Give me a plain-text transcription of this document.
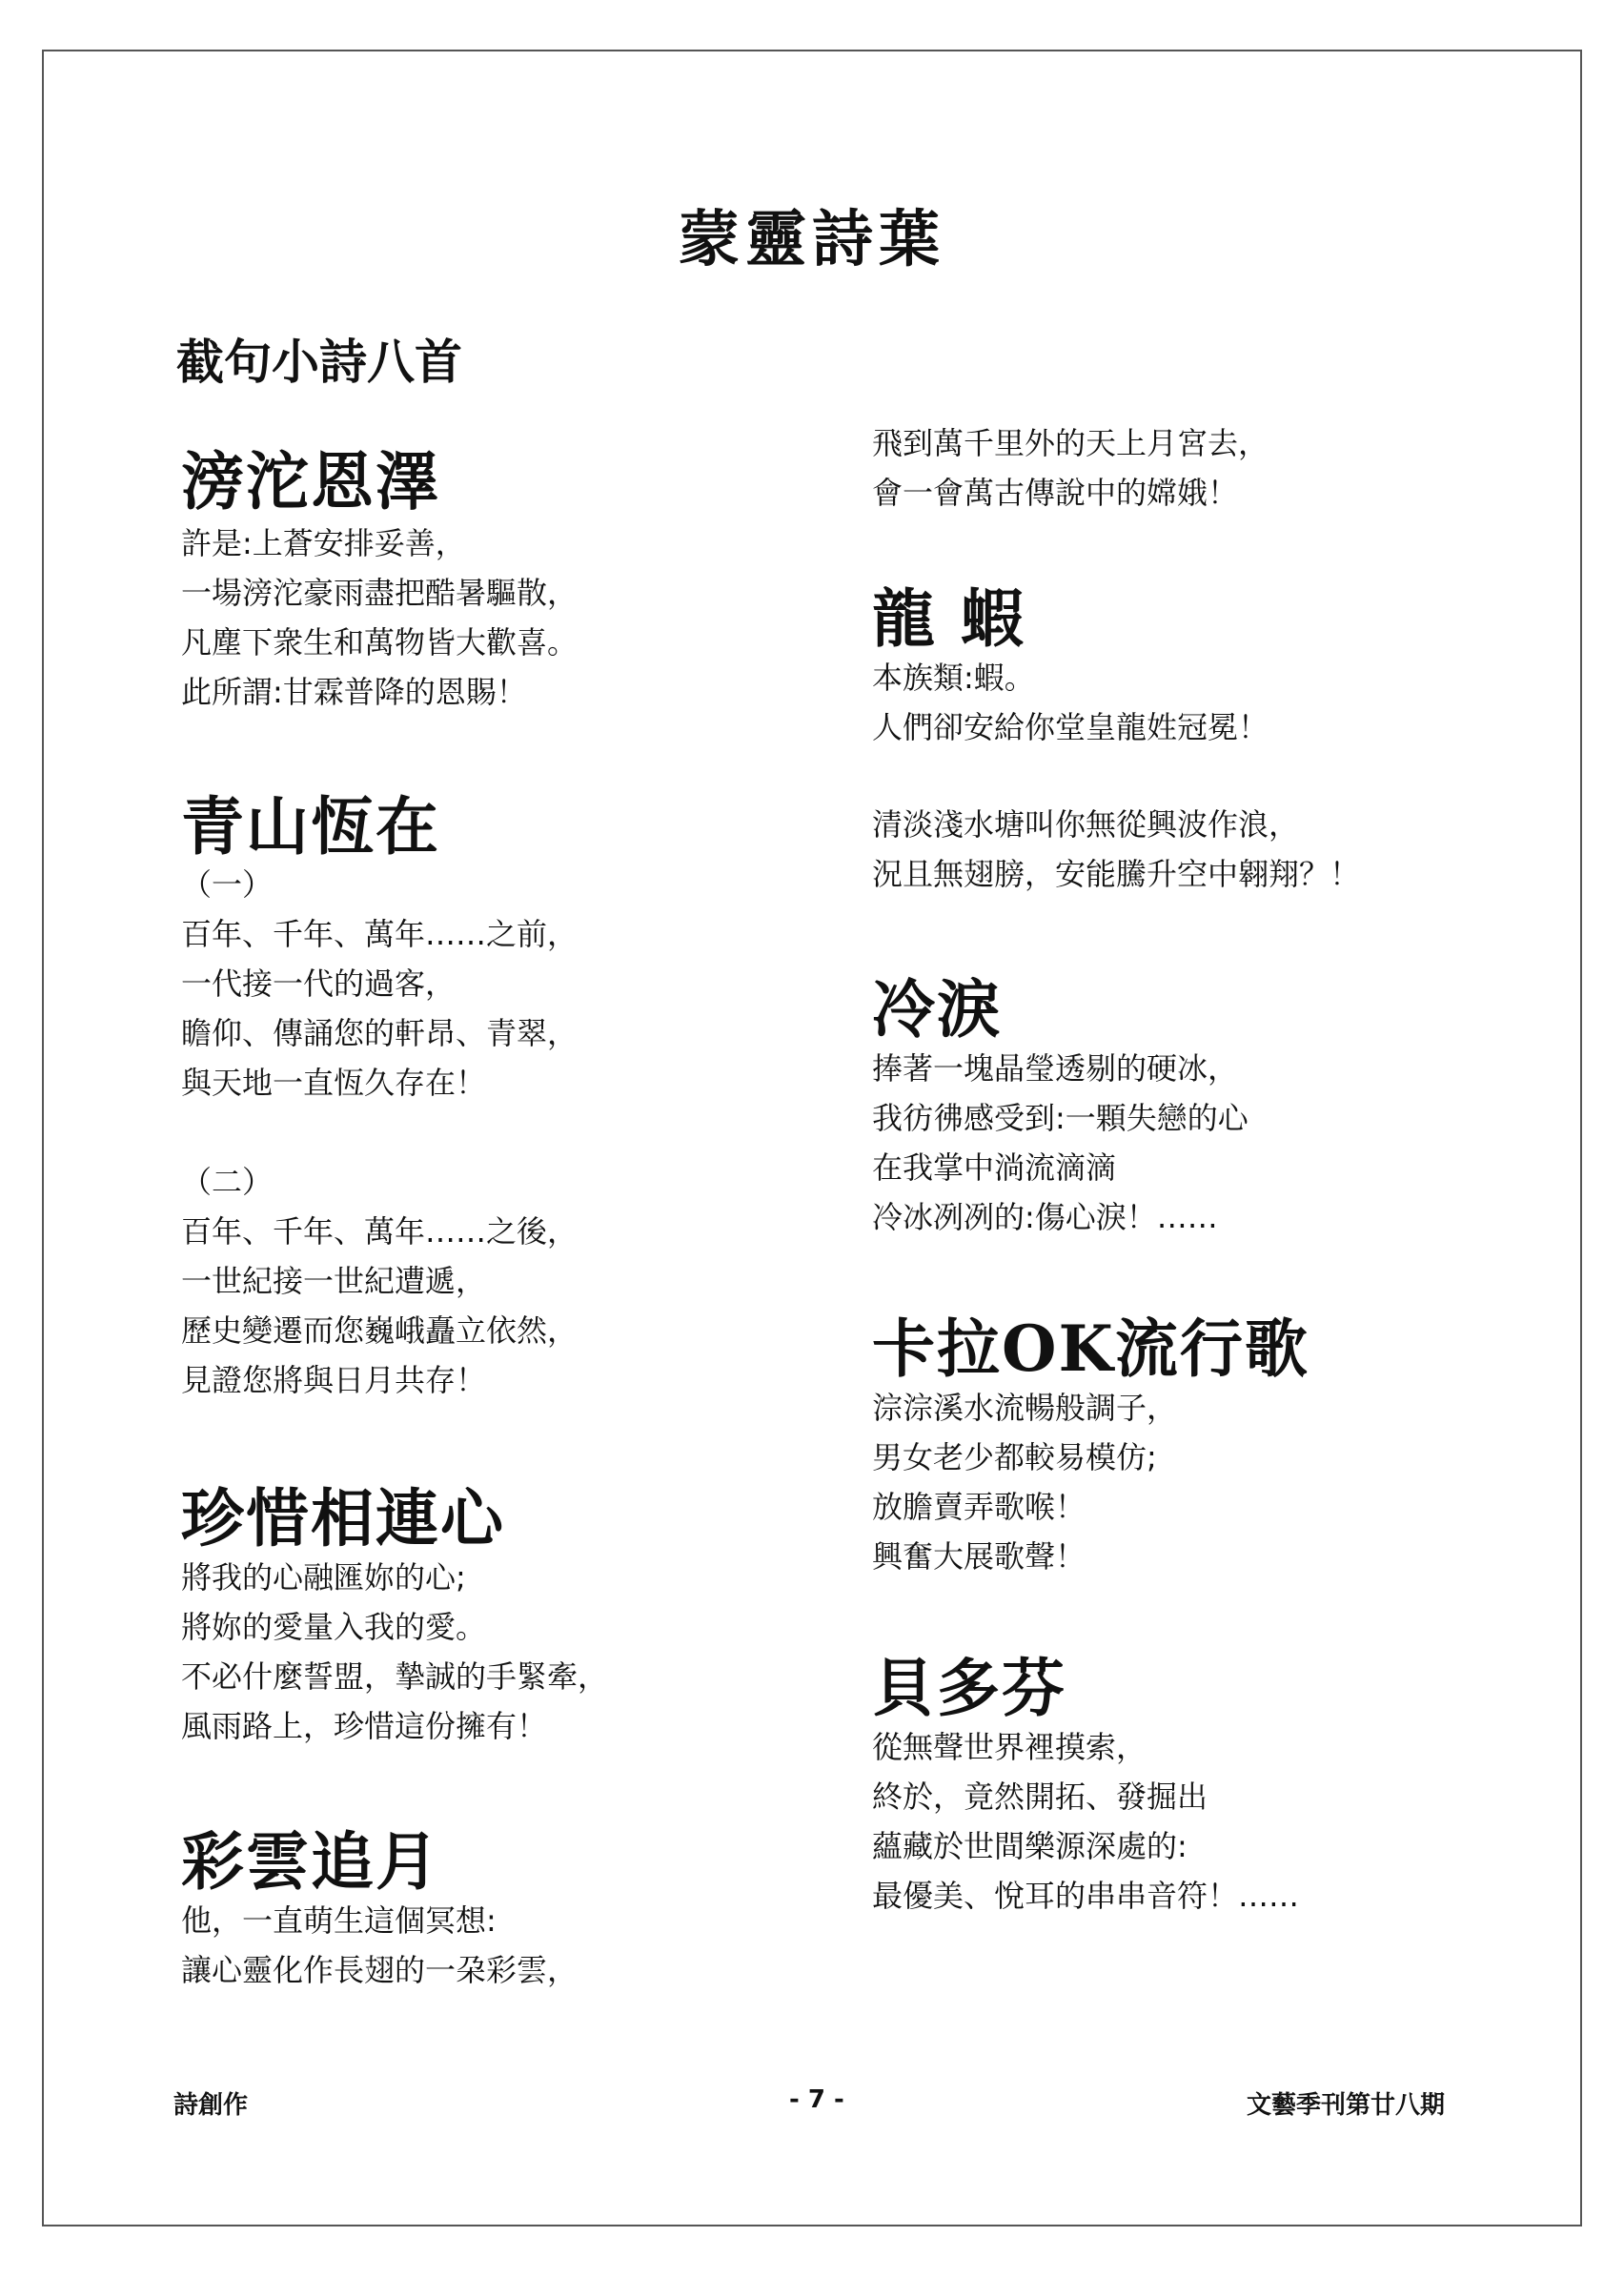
蒙靈詩葉
截句小詩八首
滂沱恩澤
許是:上蒼安排妥善，
一場滂沱豪雨盡把酷暑驅散，
凡塵下衆生和萬物皆大歡喜。
此所謂:甘霖普降的恩賜！
青山恆在
（一）
百年、千年、萬年……之前，
一代接一代的過客，
瞻仰、傳誦您的軒昂、青翠，
與天地一直恆久存在！
（二）
百年、千年、萬年……之後，
一世紀接一世紀遭遞，
歷史變遷而您巍峨矗立依然，
見證您將與日月共存！
珍惜相連心
將我的心融匯妳的心;
將妳的愛量入我的愛。
不必什麼誓盟，摯誠的手緊牽，
風雨路上，珍惜這份擁有！
彩雲追月
他，一直萌生這個冥想:
讓心靈化作長翅的一朶彩雲，
飛到萬千里外的天上月宮去，
會一會萬古傳說中的嫦娥！
龍 蝦
本族類:蝦。
人們卻安給你堂皇龍姓冠冕！
清淡淺水塘叫你無從興波作浪，
況且無翅膀，安能騰升空中翱翔？！
冷淚
捧著一塊晶瑩透剔的硬冰，
我彷彿感受到:一顆失戀的心
在我掌中淌流滴滴
冷冰冽冽的:傷心淚！……
卡拉OK流行歌
淙淙溪水流暢般調子，
男女老少都較易模仿;
放膽賣弄歌喉！
興奮大展歌聲！
貝多芬
從無聲世界裡摸索，
終於，竟然開拓、發掘出
蘊藏於世間樂源深處的:
最優美、悅耳的串串音符！……
詩創作	- 7 -	文藝季刊第廿八期
